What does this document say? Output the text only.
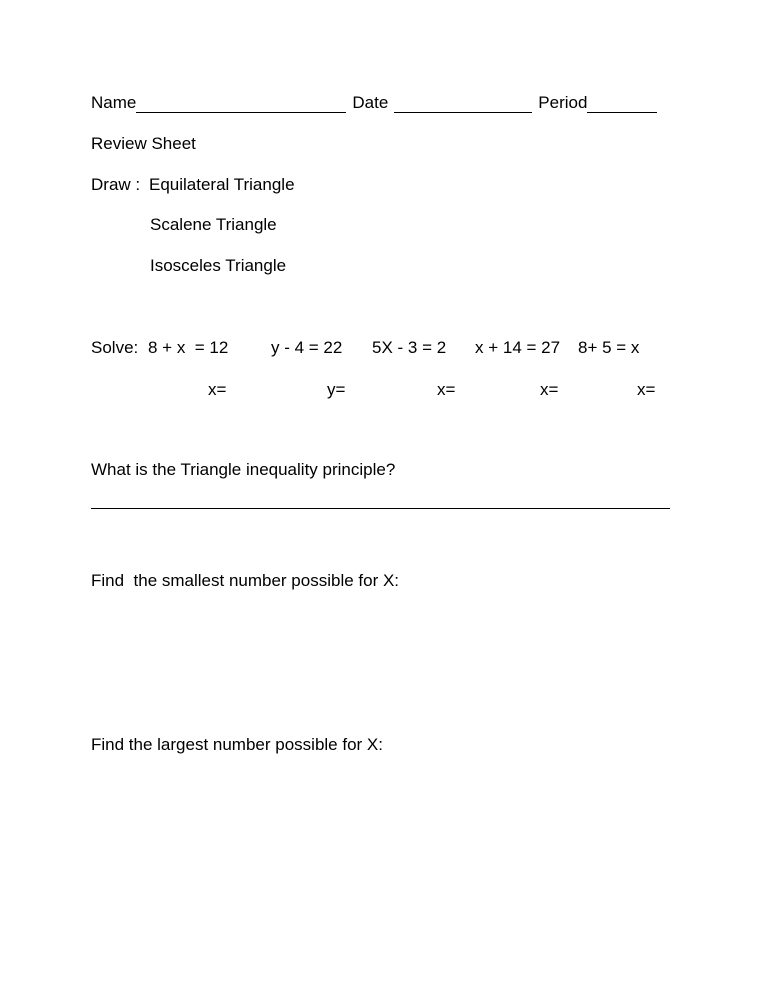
Name	Date	Period
Review Sheet
Draw : Equilateral Triangle
Scalene Triangle
Isosceles Triangle
Solve: 8 + x  = 12	y - 4 = 22 5X - 3 = 2 x + 14 = 27 8+ 5 = x
x=	y=	x=	x=	x=
What is the Triangle inequality principle?
Find  the smallest number possible for X:
Find the largest number possible for X:
